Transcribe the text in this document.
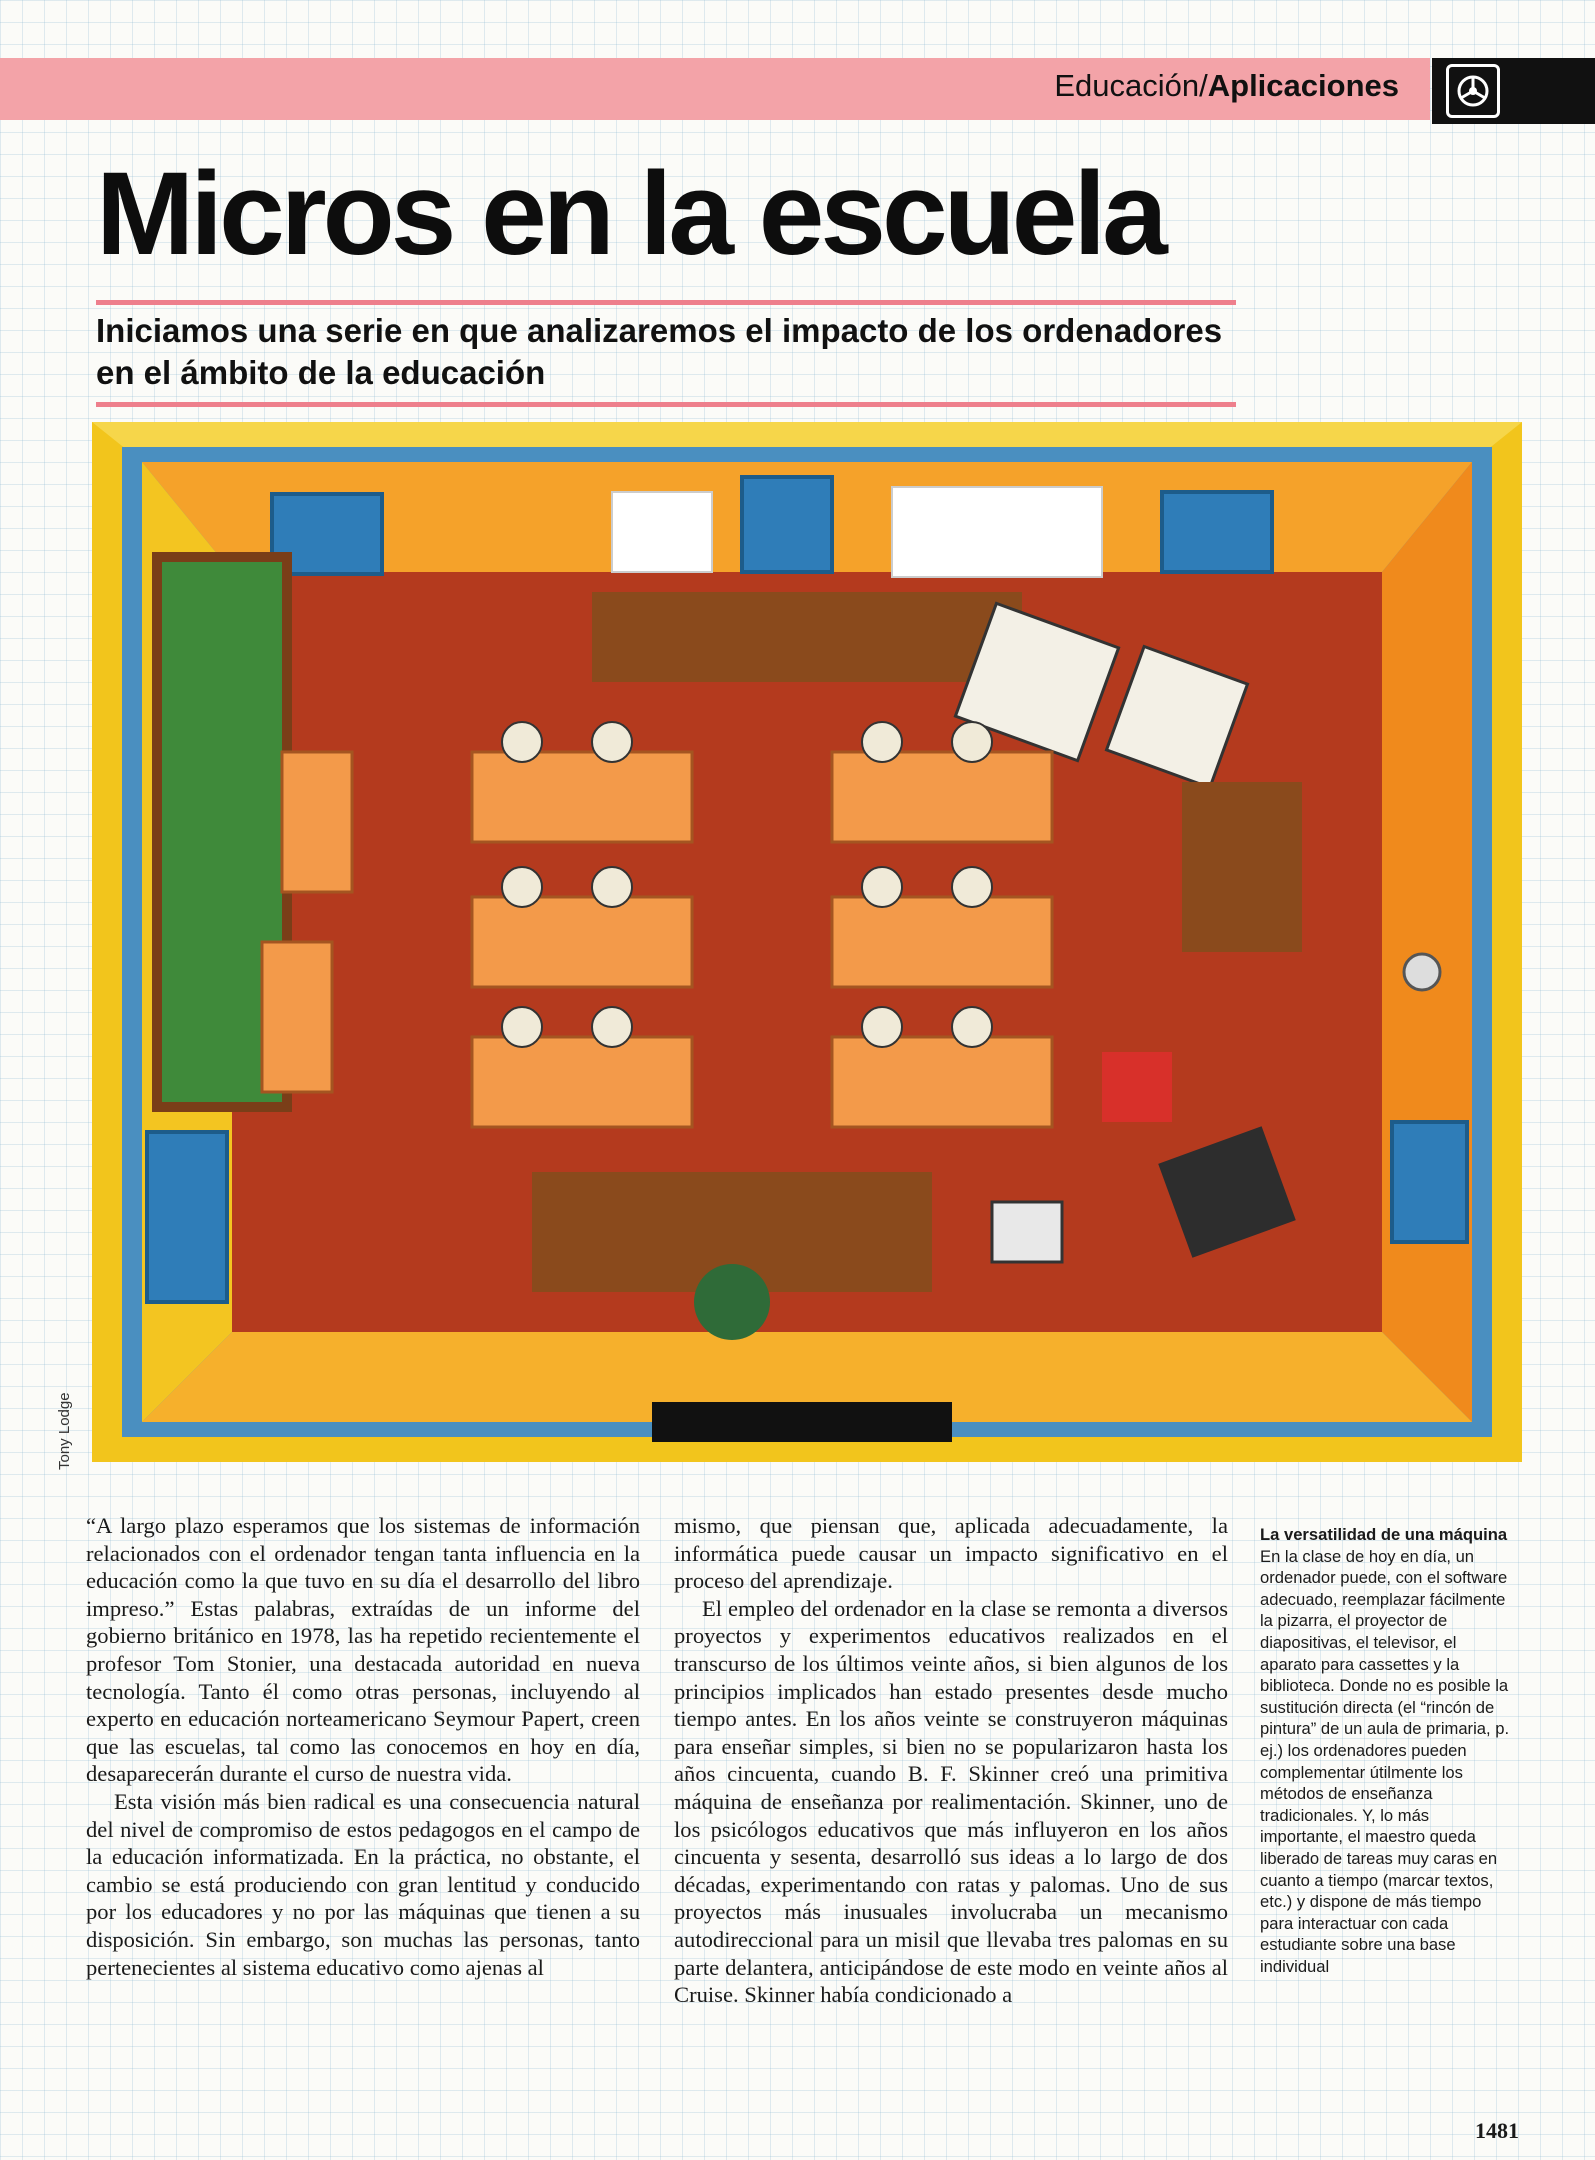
Educación/Aplicaciones
Micros en la escuela
Iniciamos una serie en que analizaremos el impacto de los ordenadores en el ámbito de la educación
Tony Lodge

“A largo plazo esperamos que los sistemas de información relacionados con el ordenador tengan tanta influencia en la educación como la que tuvo en su día el desarrollo del libro impreso.” Estas palabras, extraídas de un informe del gobierno británico en 1978, las ha repetido recientemente el profesor Tom Stonier, una destacada autoridad en nueva tecnología. Tanto él como otras personas, incluyendo al experto en educación norteamericano Seymour Papert, creen que las escuelas, tal como las conocemos en hoy en día, desaparecerán durante el curso de nuestra vida.

Esta visión más bien radical es una consecuencia natural del nivel de compromiso de estos pedagogos en el campo de la educación informatizada. En la práctica, no obstante, el cambio se está produciendo con gran lentitud y conducido por los educadores y no por las máquinas que tienen a su disposición. Sin embargo, son muchas las personas, tanto pertenecientes al sistema educativo como ajenas al

mismo, que piensan que, aplicada adecuadamente, la informática puede causar un impacto significativo en el proceso del aprendizaje.

El empleo del ordenador en la clase se remonta a diversos proyectos y experimentos educativos realizados en el transcurso de los últimos veinte años, si bien algunos de los principios implicados han estado presentes desde mucho tiempo antes. En los años veinte se construyeron máquinas para enseñar simples, si bien no se popularizaron hasta los años cincuenta, cuando B. F. Skinner creó una primitiva máquina de enseñanza por realimentación. Skinner, uno de los psicólogos educativos que más influyeron en los años cincuenta y sesenta, desarrolló sus ideas a lo largo de dos décadas, experimentando con ratas y palomas. Uno de sus proyectos más inusuales involucraba un mecanismo autodireccional para un misil que llevaba tres palomas en su parte delantera, anticipándose de este modo en veinte años al Cruise. Skinner había condicionado a

La versatilidad de una máquina

En la clase de hoy en día, un ordenador puede, con el software adecuado, reemplazar fácilmente la pizarra, el proyector de diapositivas, el televisor, el aparato para cassettes y la biblioteca. Donde no es posible la sustitución directa (el “rincón de pintura” de un aula de primaria, p. ej.) los ordenadores pueden complementar útilmente los métodos de enseñanza tradicionales. Y, lo más importante, el maestro queda liberado de tareas muy caras en cuanto a tiempo (marcar textos, etc.) y dispone de más tiempo para interactuar con cada estudiante sobre una base individual

1481
